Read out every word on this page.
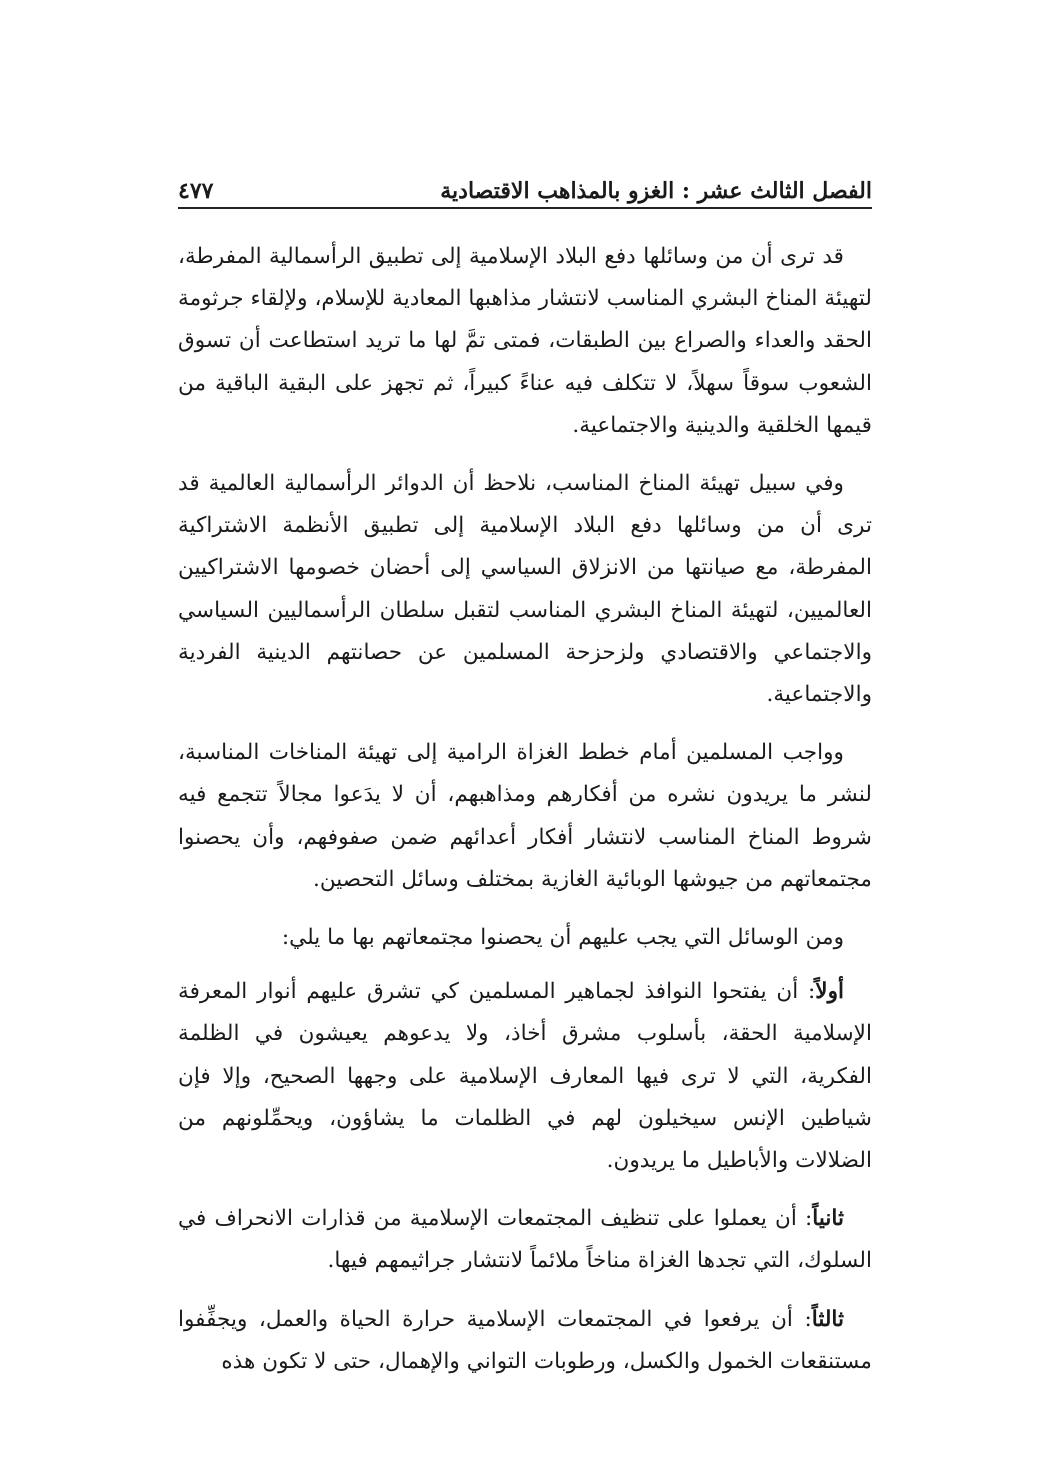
الفصل الثالث عشر : الغزو بالمذاهب الاقتصادية
٤٧٧

قد ترى أن من وسائلها دفع البلاد الإسلامية إلى تطبيق الرأسمالية المفرطة، لتهيئة المناخ البشري المناسب لانتشار مذاهبها المعادية للإسلام، ولإلقاء جرثومة الحقد والعداء والصراع بين الطبقات، فمتى تمَّ لها ما تريد استطاعت أن تسوق الشعوب سوقاً سهلاً، لا تتكلف فيه عناءً كبيراً، ثم تجهز على البقية الباقية من قيمها الخلقية والدينية والاجتماعية.

وفي سبيل تهيئة المناخ المناسب، نلاحظ أن الدوائر الرأسمالية العالمية قد ترى أن من وسائلها دفع البلاد الإسلامية إلى تطبيق الأنظمة الاشتراكية المفرطة، مع صيانتها من الانزلاق السياسي إلى أحضان خصومها الاشتراكيين العالميين، لتهيئة المناخ البشري المناسب لتقبل سلطان الرأسماليين السياسي والاجتماعي والاقتصادي ولزحزحة المسلمين عن حصانتهم الدينية الفردية والاجتماعية.

وواجب المسلمين أمام خطط الغزاة الرامية إلى تهيئة المناخات المناسبة، لنشر ما يريدون نشره من أفكارهم ومذاهبهم، أن لا يدَعوا مجالاً تتجمع فيه شروط المناخ المناسب لانتشار أفكار أعدائهم ضمن صفوفهم، وأن يحصنوا مجتمعاتهم من جيوشها الوبائية الغازية بمختلف وسائل التحصين.

ومن الوسائل التي يجب عليهم أن يحصنوا مجتمعاتهم بها ما يلي:

أولاً: أن يفتحوا النوافذ لجماهير المسلمين كي تشرق عليهم أنوار المعرفة الإسلامية الحقة، بأسلوب مشرق أخاذ، ولا يدعوهم يعيشون في الظلمة الفكرية، التي لا ترى فيها المعارف الإسلامية على وجهها الصحيح، وإلا فإن شياطين الإنس سيخيلون لهم في الظلمات ما يشاؤون، ويحمِّلونهم من الضلالات والأباطيل ما يريدون.

ثانياً: أن يعملوا على تنظيف المجتمعات الإسلامية من قذارات الانحراف في السلوك، التي تجدها الغزاة مناخاً ملائماً لانتشار جراثيمهم فيها.

ثالثاً: أن يرفعوا في المجتمعات الإسلامية حرارة الحياة والعمل، ويجفِّفوا مستنقعات الخمول والكسل، ورطوبات التواني والإهمال، حتى لا تكون هذه
